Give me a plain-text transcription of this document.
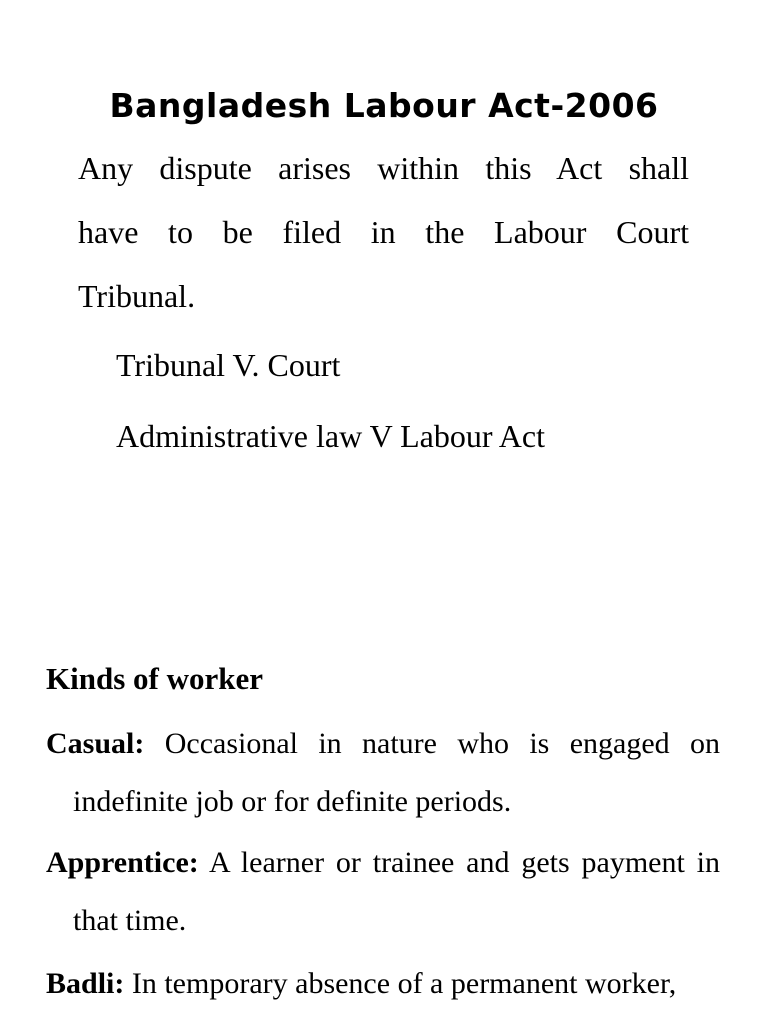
Bangladesh Labour Act-2006

Any dispute arises within this Act shall have to be filed in the Labour Court Tribunal.

Tribunal V. Court

Administrative law V Labour Act

Kinds of worker

Casual: Occasional in nature who is engaged on indefinite job or for definite periods.

Apprentice: A learner or trainee and gets payment in that time.

Badli: In temporary absence of a permanent worker,
